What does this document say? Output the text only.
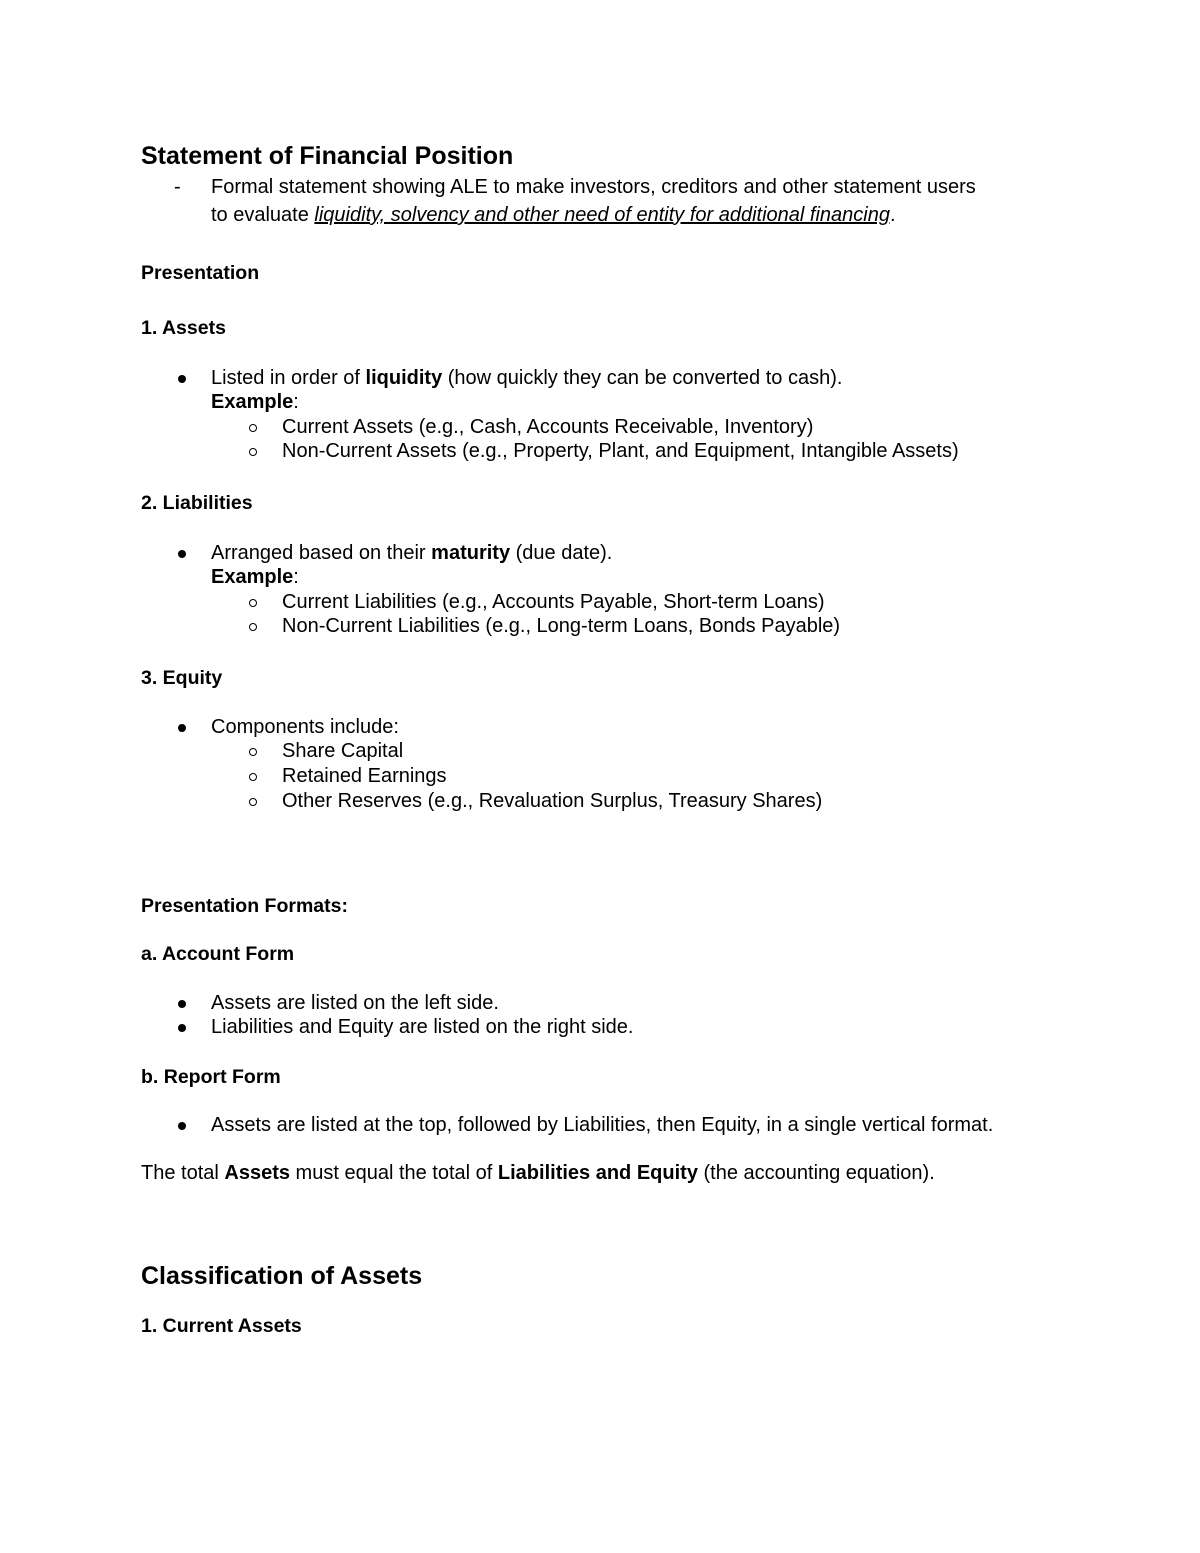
Statement of Financial Position
- Formal statement showing ALE to make investors, creditors and other statement users

to evaluate liquidity, solvency and other need of entity for additional financing.

Presentation
1. Assets

Listed in order of liquidity (how quickly they can be converted to cash).

Example:

Current Assets (e.g., Cash, Accounts Receivable, Inventory)

Non-Current Assets (e.g., Property, Plant, and Equipment, Intangible Assets)

2. Liabilities

Arranged based on their maturity (due date).

Example:

Current Liabilities (e.g., Accounts Payable, Short-term Loans)

Non-Current Liabilities (e.g., Long-term Loans, Bonds Payable)

3. Equity

Components include:

Share Capital

Retained Earnings

Other Reserves (e.g., Revaluation Surplus, Treasury Shares)

Presentation Formats:
a. Account Form

Assets are listed on the left side.

Liabilities and Equity are listed on the right side.

b. Report Form

Assets are listed at the top, followed by Liabilities, then Equity, in a single vertical format.

The total Assets must equal the total of Liabilities and Equity (the accounting equation).

Classification of Assets
1. Current Assets
